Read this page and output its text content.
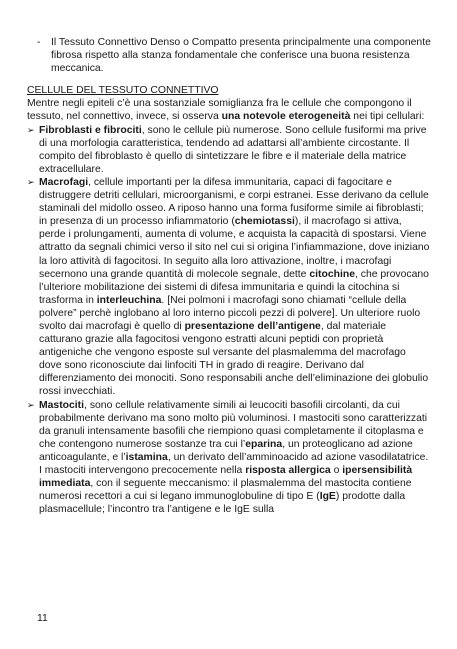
-	Il Tessuto Connettivo Denso o Compatto presenta principalmente una componente fibrosa rispetto alla stanza fondamentale che conferisce una buona resistenza meccanica.
CELLULE DEL TESSUTO CONNETTIVO

Mentre negli epiteli c’è una sostanziale somiglianza fra le cellule che compongono il tessuto, nel connettivo, invece, si osserva una notevole eterogeneità nei tipi cellulari:

➢ Fibroblasti e fibrociti, sono le cellule più numerose. Sono cellule fusiformi ma prive di una morfologia caratteristica, tendendo ad adattarsi all’ambiente circostante. Il compito del fibroblasto è quello di sintetizzare le fibre e il materiale della matrice extracellulare.
➢ Macrofagi, cellule importanti per la difesa immunitaria, capaci di fagocitare e distruggere detriti cellulari, microorganismi, e corpi estranei. Esse derivano da cellule staminali del midollo osseo. A riposo hanno una forma fusiforme simile ai fibroblasti; in presenza di un processo infiammatorio (chemiotassi), il macrofago si attiva, perde i prolungamenti, aumenta di volume, e acquista la capacità di spostarsi. Viene attratto da segnali chimici verso il sito nel cui si origina l’infiammazione, dove iniziano la loro attività di fagocitosi. In seguito alla loro attivazione, inoltre, i macrofagi secernono una grande quantità di molecole segnale, dette citochine, che provocano l’ulteriore mobilitazione dei sistemi di difesa immunitaria e quindi la citochina si trasforma in interleuchina. [Nei polmoni i macrofagi sono chiamati “cellule della polvere” perchè inglobano al loro interno piccoli pezzi di polvere]. Un ulteriore ruolo svolto dai macrofagi è quello di presentazione dell’antigene, dal materiale catturano grazie alla fagocitosi vengono estratti alcuni peptidi con proprietà antigeniche che vengono esposte sul versante del plasmalemma del macrofago dove sono riconosciute dai linfociti TH in grado di reagire. Derivano dal differenziamento dei monociti. Sono responsabili anche dell’eliminazione dei globulio rossi invecchiati.
➢ Mastociti, sono cellule relativamente simili ai leucociti basofili circolanti, da cui probabilmente derivano ma sono molto più voluminosi. I mastociti sono caratterizzati da granuli intensamente basofili che riempiono quasi completamente il citoplasma e che contengono numerose sostanze tra cui l’eparina, un proteoglicano ad azione anticoagulante, e l’istamina, un derivato dell’amminoacido ad azione vasodilatatrice. I mastociti intervengono precocemente nella risposta allergica o ipersensibilità immediata, con il seguente meccanismo: il plasmalemma del mastocita contiene numerosi recettori a cui si legano immunoglobuline di tipo E (IgE) prodotte dalla plasmacellule; l’incontro tra l’antigene e le IgE sulla
11
